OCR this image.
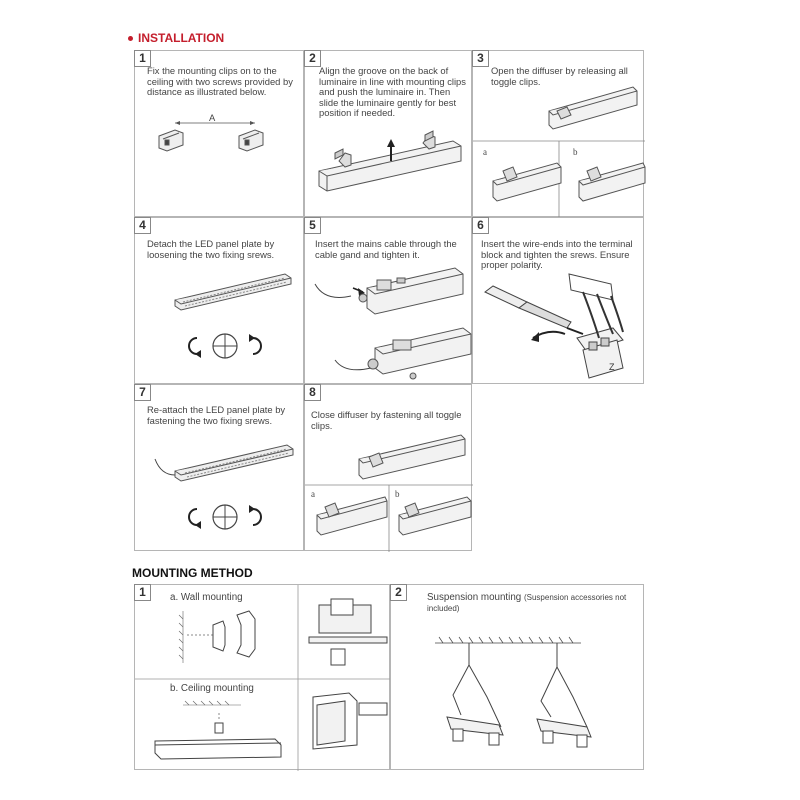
INSTALLATION
1
Fix the mounting clips on to the ceiling with two screws provided by distance as illustrated below.
A
2
Align the groove on the back of luminaire in line with mounting clips and push the luminaire in. Then slide the luminaire gently for best position if needed.
3
Open the diffuser by releasing all toggle clips.
a	b
4
Detach the LED panel plate by loosening the two fixing srews.
5
Insert the mains cable through the cable gand and tighten it.
6
Insert the wire-ends into the terminal block and tighten the srews. Ensure proper polarity.
Z
7
Re-attach the LED panel plate by fastening the two fixing srews.
8
Close diffuser by fastening all toggle clips.
a	b
MOUNTING METHOD
1	a. Wall mounting
b. Ceiling mounting
2	Suspension mounting (Suspension accessories not included)
